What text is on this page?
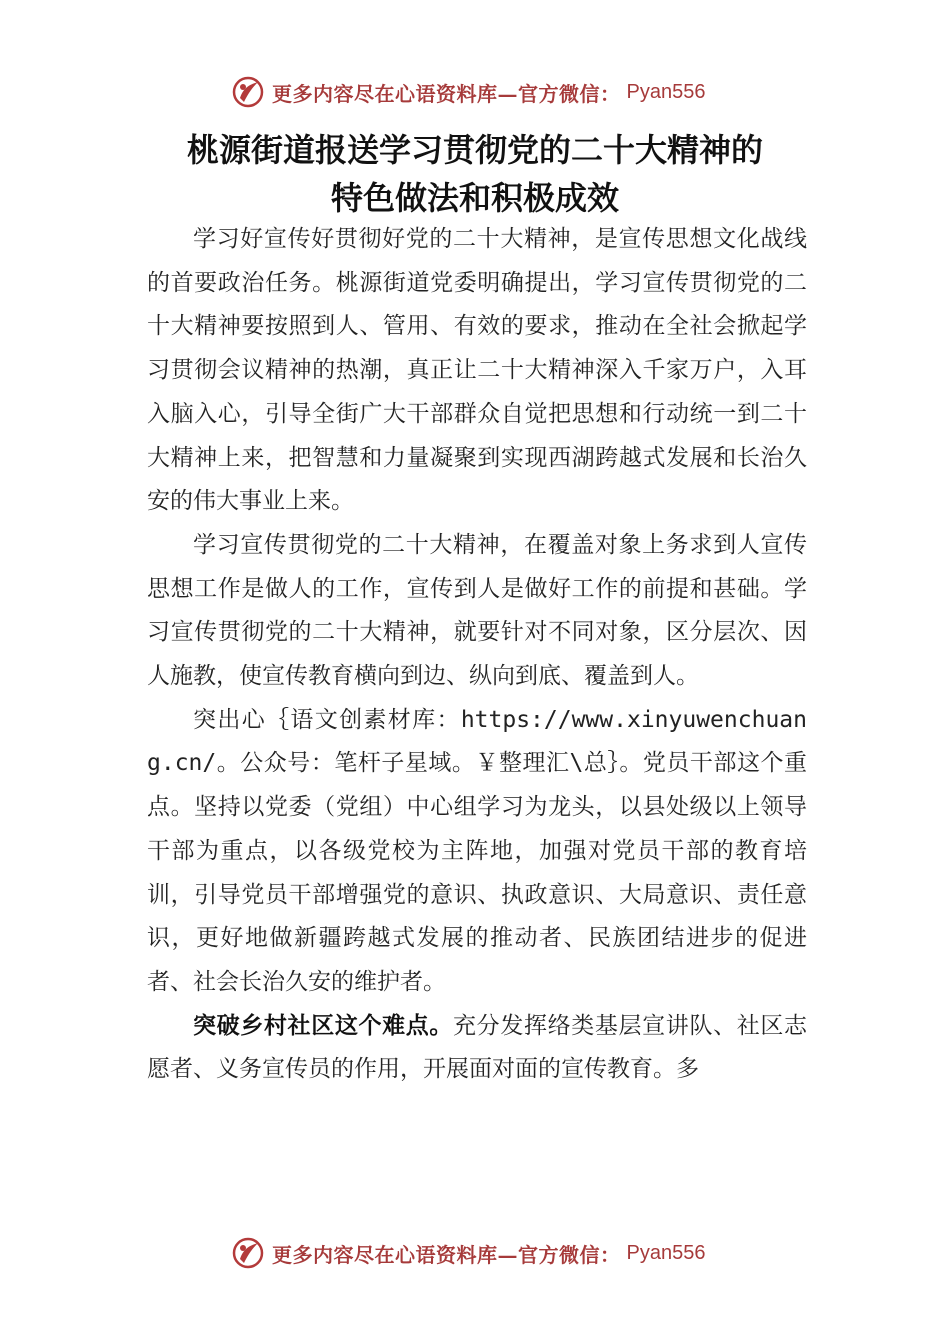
更多内容尽在心语资料库—官方微信： Pyan556
桃源街道报送学习贯彻党的二十大精神的
特色做法和积极成效

学习好宣传好贯彻好党的二十大精神，是宣传思想文化战线的首要政治任务。桃源街道党委明确提出，学习宣传贯彻党的二十大精神要按照到人、管用、有效的要求，推动在全社会掀起学习贯彻会议精神的热潮，真正让二十大精神深入千家万户，入耳入脑入心，引导全街广大干部群众自觉把思想和行动统一到二十大精神上来，把智慧和力量凝聚到实现西湖跨越式发展和长治久安的伟大事业上来。

学习宣传贯彻党的二十大精神，在覆盖对象上务求到人宣传思想工作是做人的工作，宣传到人是做好工作的前提和甚础。学习宣传贯彻党的二十大精神，就要针对不同对象，区分层次、因人施教，使宣传教育横向到边、纵向到底、覆盖到人。

突出心｛语文创素材库：https://www.xinyuwenchuang.cn/。公众号：笔杆子星域。￥整理汇\总｝。党员干部这个重点。坚持以党委（党组）中心组学习为龙头，以县处级以上领导干部为重点，以各级党校为主阵地，加强对党员干部的教育培训，引导党员干部增强党的意识、执政意识、大局意识、责任意识，更好地做新疆跨越式发展的推动者、民族团结进步的促进者、社会长治久安的维护者。

突破乡村社区这个难点。充分发挥络类基层宣讲队、社区志愿者、义务宣传员的作用，开展面对面的宣传教育。多

更多内容尽在心语资料库—官方微信： Pyan556
